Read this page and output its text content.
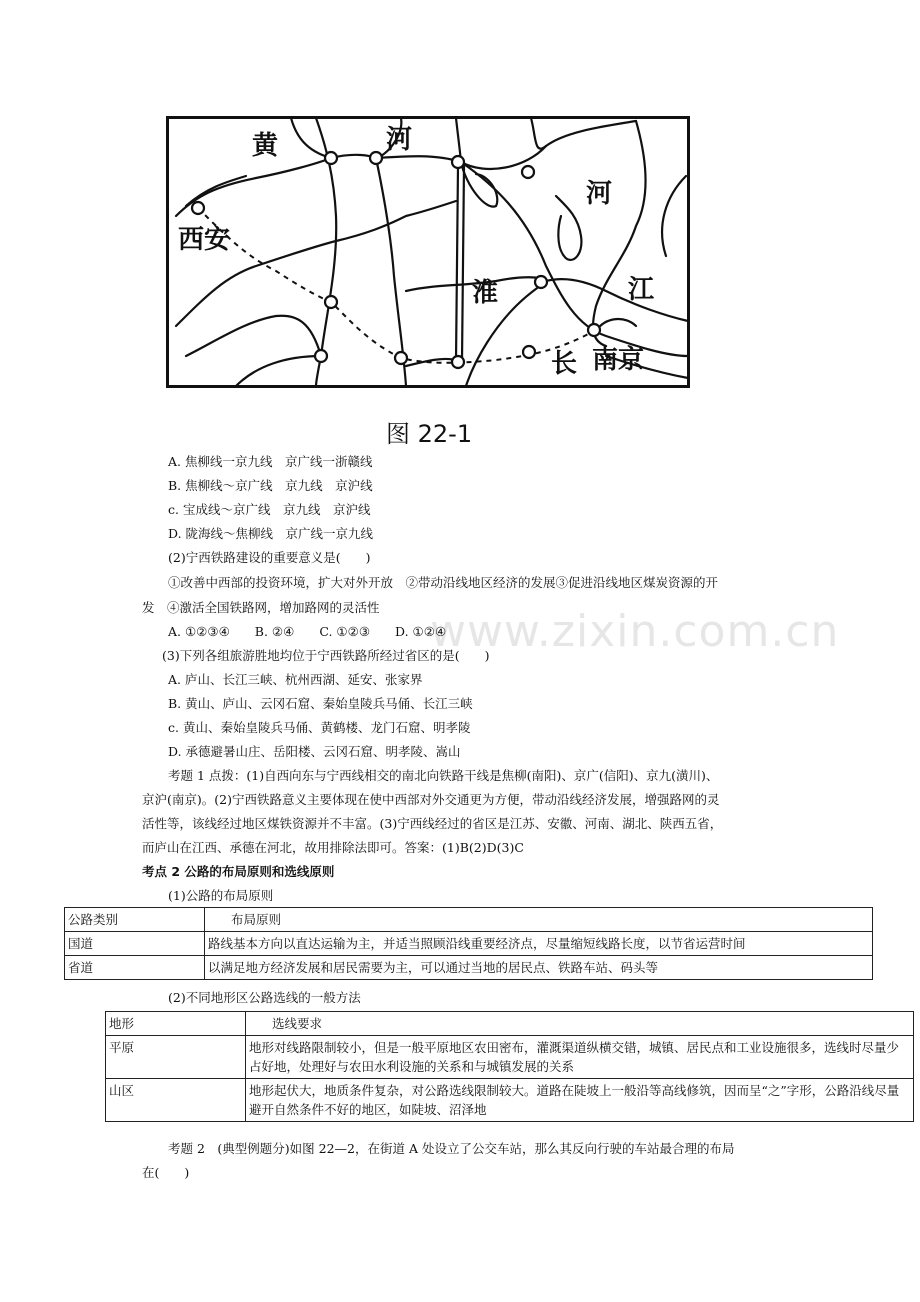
黄	河
河
西安
淮	江
长 南京
图 22-1
www.zixin.com.cn
A. 焦柳线一京九线　京广线一浙赣线
B. 焦柳线～京广线　京九线　京沪线
c. 宝成线～京广线　京九线　京沪线
D. 陇海线～焦柳线　京广线一京九线
(2)宁西铁路建设的重要意义是(　　)
①改善中西部的投资环境，扩大对外开放　②带动沿线地区经济的发展③促进沿线地区煤炭资源的开
发　④激活全国铁路网，增加路网的灵活性
A. ①②③④　　B. ②④　　C. ①②③　　D. ①②④
(3)下列各组旅游胜地均位于宁西铁路所经过省区的是(　　)
A. 庐山、长江三峡、杭州西湖、延安、张家界
B. 黄山、庐山、云冈石窟、秦始皇陵兵马俑、长江三峡
c. 黄山、秦始皇陵兵马俑、黄鹤楼、龙门石窟、明孝陵
D. 承德避暑山庄、岳阳楼、云冈石窟、明孝陵、嵩山
考题 1 点拨：(1)自西向东与宁西线相交的南北向铁路干线是焦柳(南阳)、京广(信阳)、京九(潢川)、
京沪(南京)。(2)宁西铁路意义主要体现在使中西部对外交通更为方便，带动沿线经济发展，增强路网的灵
活性等，该线经过地区煤铁资源并不丰富。(3)宁西线经过的省区是江苏、安徽、河南、湖北、陕西五省，
而庐山在江西、承德在河北，故用排除法即可。答案：(1)B(2)D(3)C
考点 2 公路的布局原则和选线原则
(1)公路的布局原则
公路类别	布局原则
国道	路线基本方向以直达运输为主，并适当照顾沿线重要经济点，尽量缩短线路长度，以节省运营时间
省道	以满足地方经济发展和居民需要为主，可以通过当地的居民点、铁路车站、码头等
(2)不同地形区公路选线的一般方法
地形	选线要求
平原	地形对线路限制较小，但是一般平原地区农田密布，灌溉渠道纵横交错，城镇、居民点和工业设施很多，选线时尽量少占好地，处理好与农田水利设施的关系和与城镇发展的关系
山区	地形起伏大，地质条件复杂，对公路选线限制较大。道路在陡坡上一般沿等高线修筑，因而呈“之”字形，公路沿线尽量避开自然条件不好的地区，如陡坡、沼泽地
考题 2　(典型例题分)如图 22—2，在街道 A 处设立了公交车站，那么其反向行驶的车站最合理的布局
在(　　)
